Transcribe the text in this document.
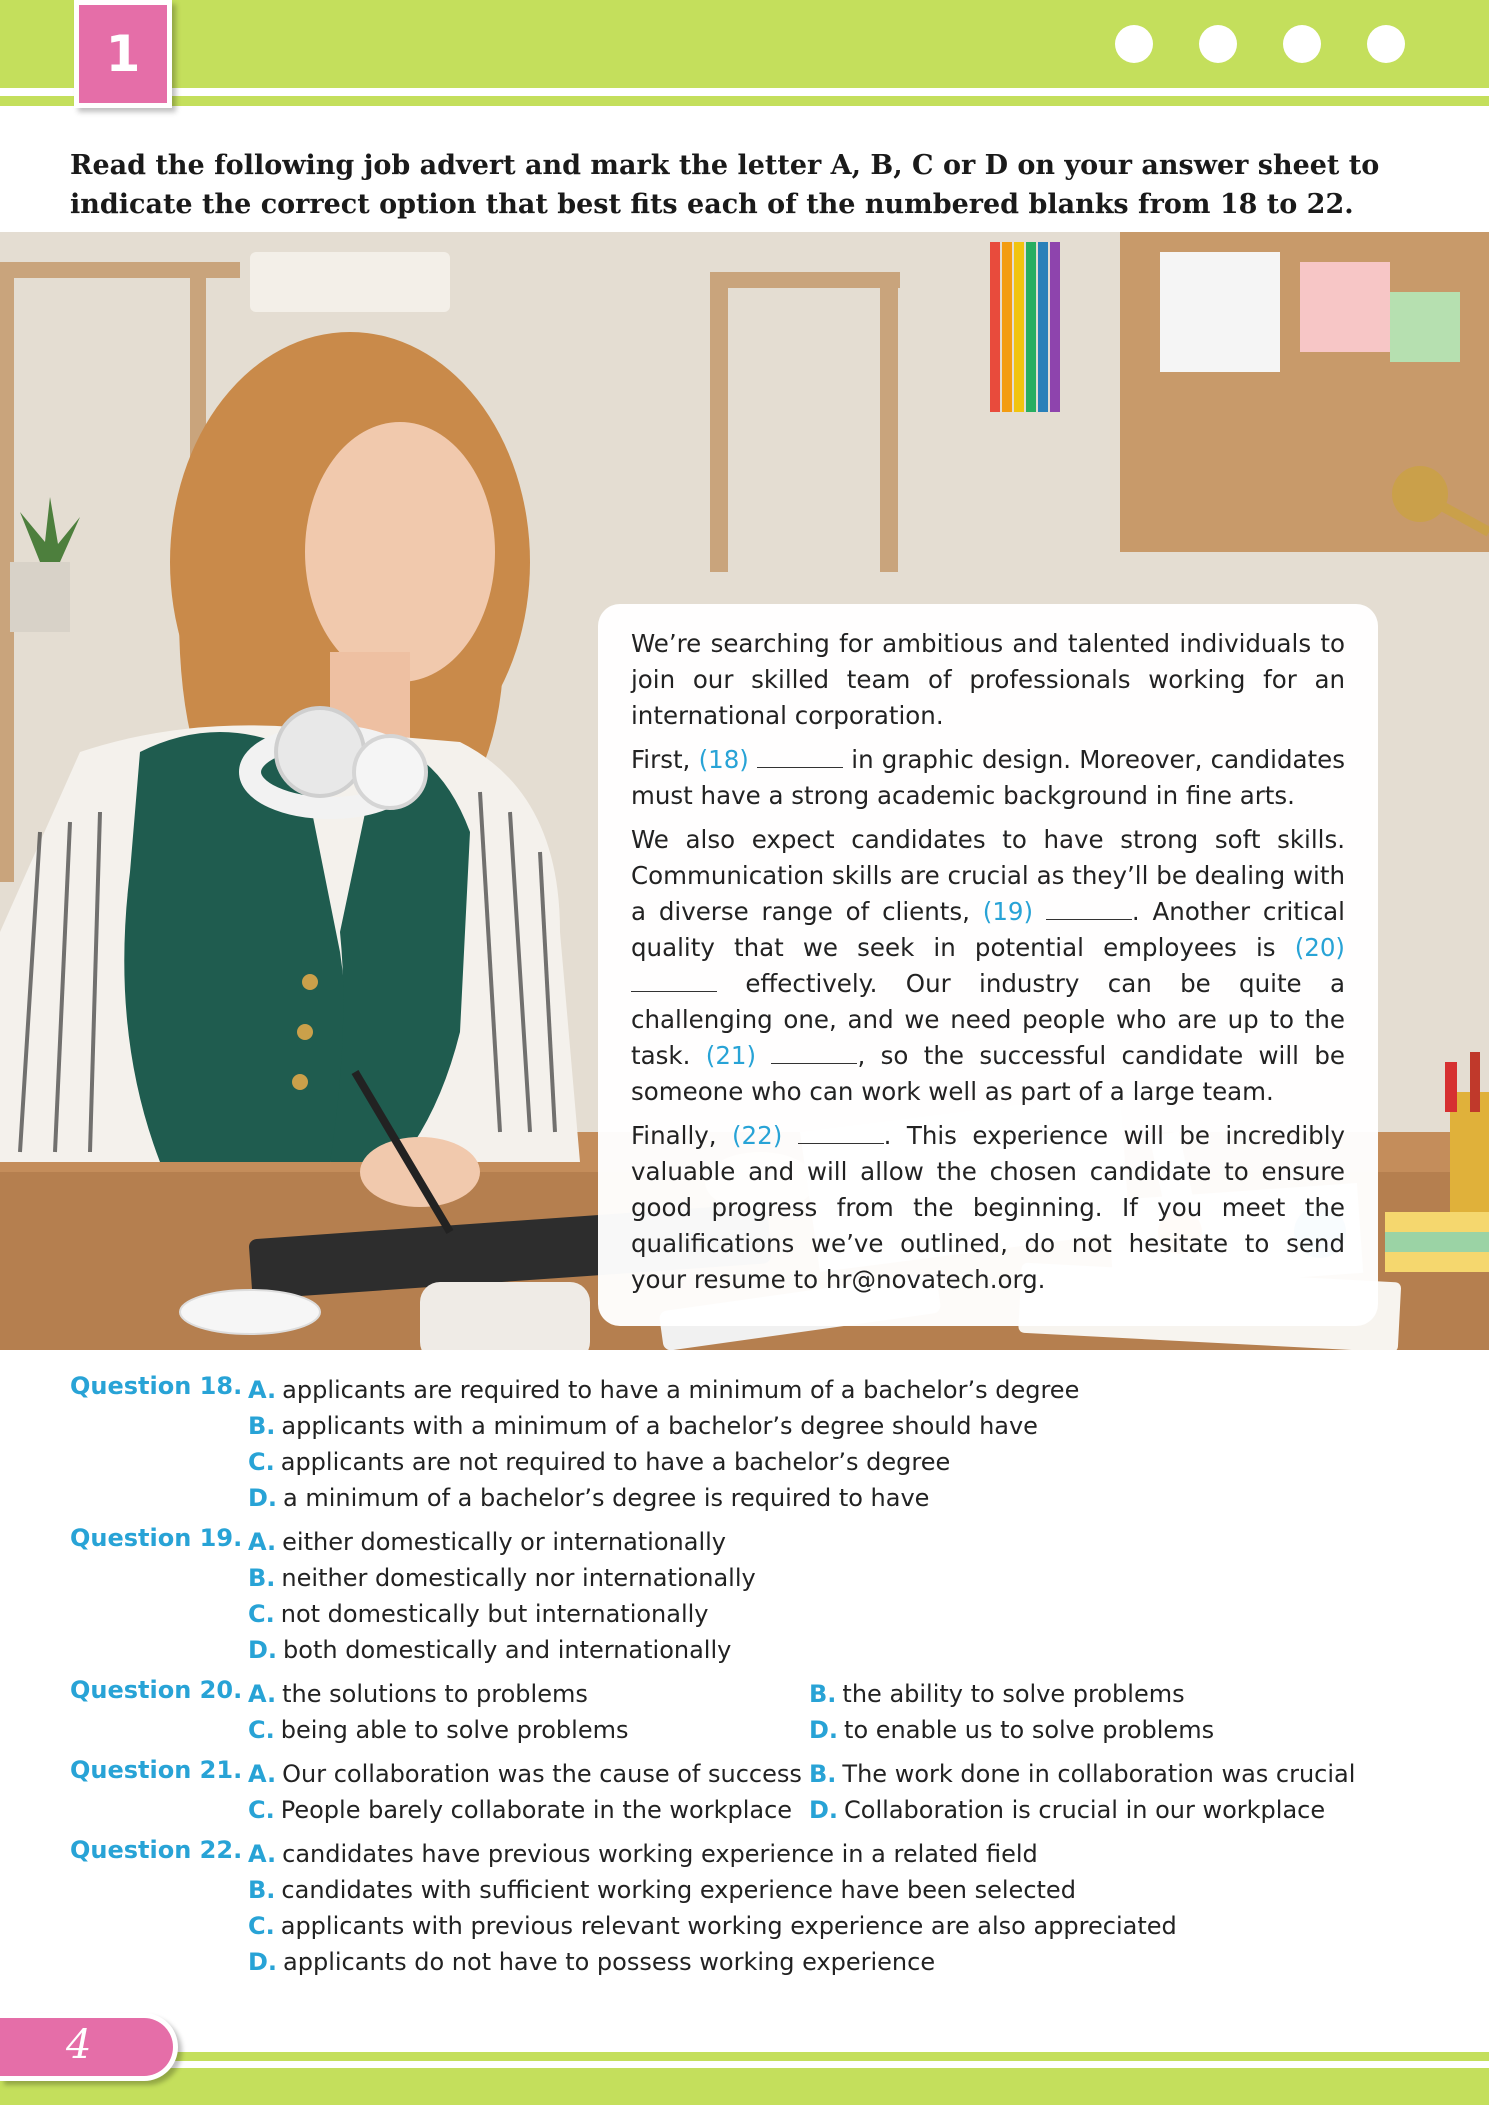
1
Read the following job advert and mark the letter A, B, C or D on your answer sheet to indicate the correct option that best fits each of the numbered blanks from 18 to 22.

We’re searching for ambitious and talented individuals to join our skilled team of professionals working for an international corporation.

First, (18)	in graphic design. Moreover, candidates must have a strong academic background in fine arts.

We also expect candidates to have strong soft skills. Communication skills are crucial as they’ll be dealing with a diverse range of clients, (19)	. Another critical quality that we seek in potential employees is (20)  effectively. Our industry can be quite a challenging one, and we need people who are up to the task. (21)	, so the successful candidate will be someone who can work well as part of a large team.

Finally, (22)	. This experience will be incredibly valuable and will allow the chosen candidate to ensure good progress from the beginning. If you meet the qualifications we’ve outlined, do not hesitate to send your resume to hr@novatech.org.

Question 18. A. applicants are required to have a minimum of a bachelor’s degree
B. applicants with a minimum of a bachelor’s degree should have
C. applicants are not required to have a bachelor’s degree
D. a minimum of a bachelor’s degree is required to have
Question 19. A. either domestically or internationally
B. neither domestically nor internationally
C. not domestically but internationally
D. both domestically and internationally
Question 20. A. the solutions to problems	B. the ability to solve problems
C. being able to solve problems	D. to enable us to solve problems
Question 21. A. Our collaboration was the cause of success B. The work done in collaboration was crucial
C. People barely collaborate in the workplace D. Collaboration is crucial in our workplace
Question 22. A. candidates have previous working experience in a related field
B. candidates with sufficient working experience have been selected
C. applicants with previous relevant working experience are also appreciated
D. applicants do not have to possess working experience
4
